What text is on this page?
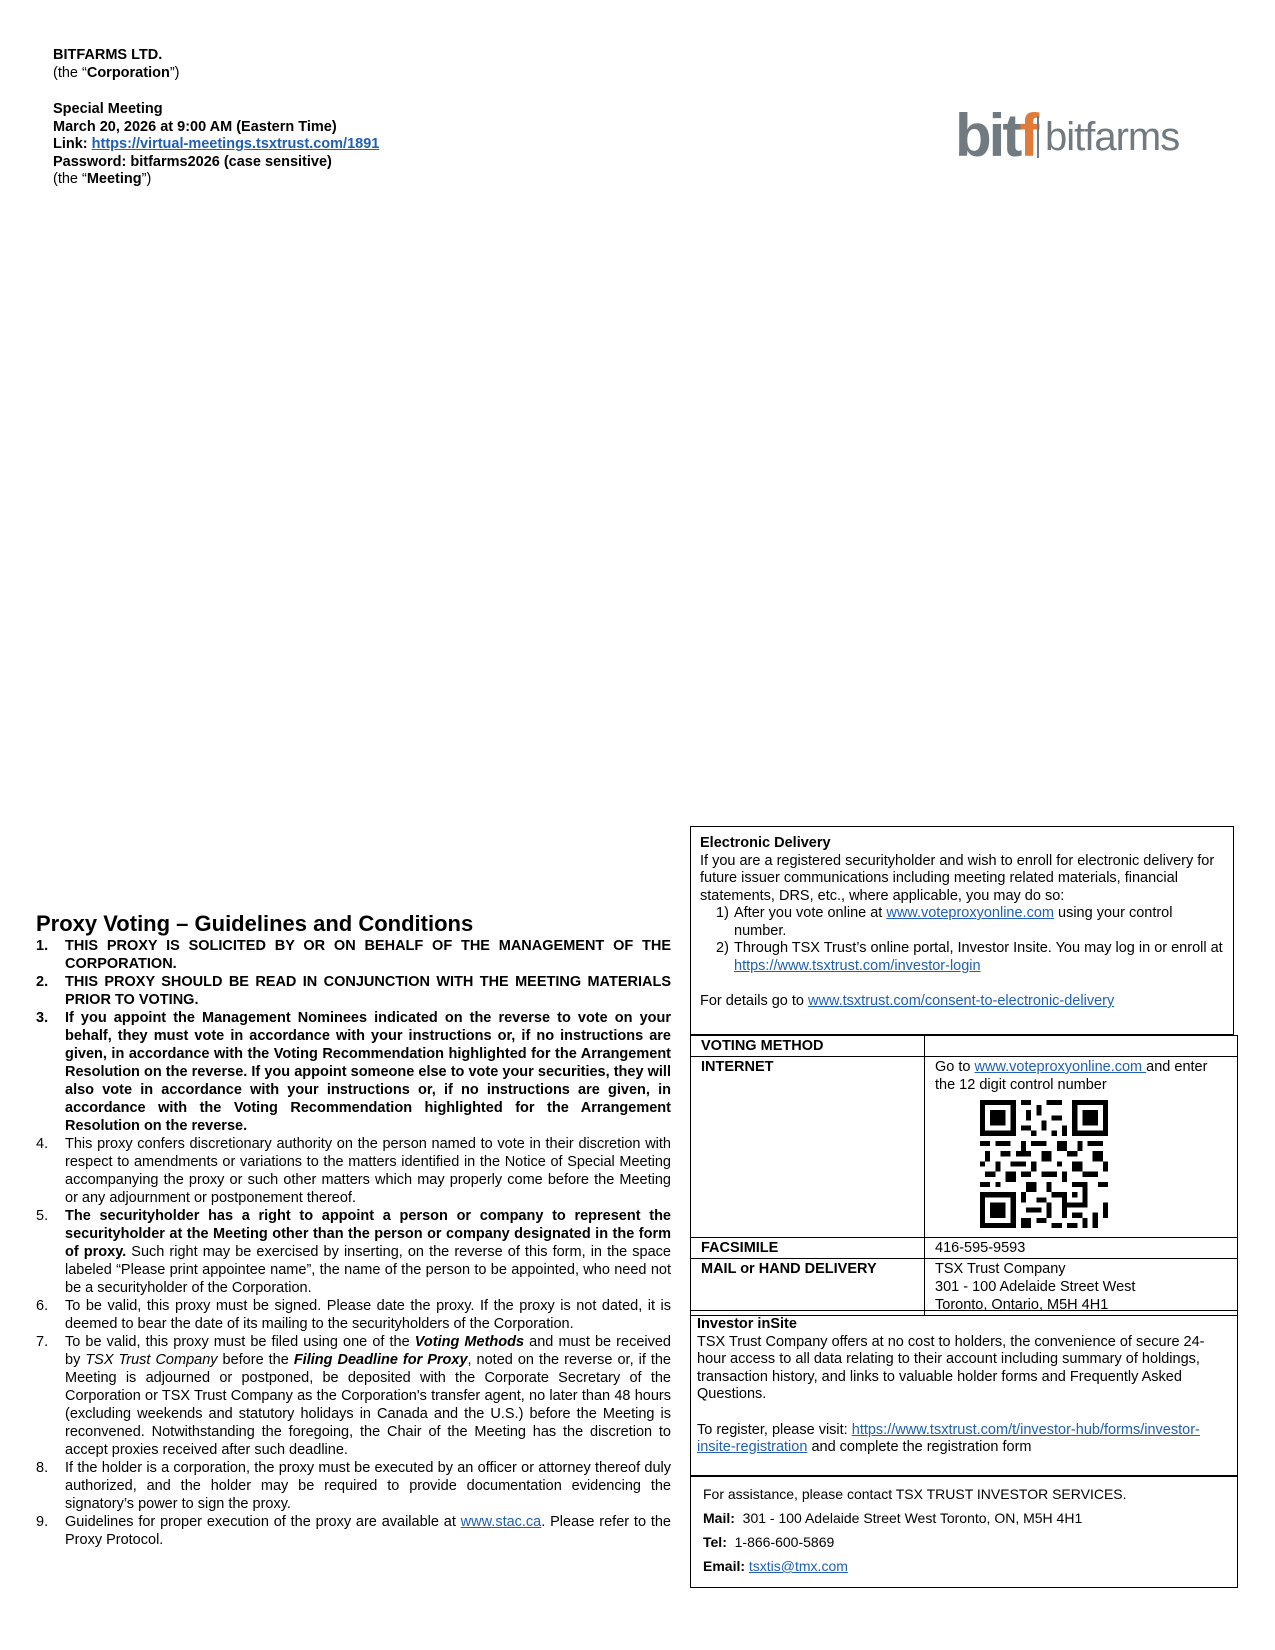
BITFARMS LTD.
(the “Corporation”)
Special Meeting
March 20, 2026 at 9:00 AM (Eastern Time)
Link: https://virtual-meetings.tsxtrust.com/1891
Password: bitfarms2026 (case sensitive)
(the “Meeting”)
bitf bitfarms
Proxy Voting – Guidelines and Conditions
1. THIS PROXY IS SOLICITED BY OR ON BEHALF OF THE MANAGEMENT OF THE CORPORATION.
2. THIS PROXY SHOULD BE READ IN CONJUNCTION WITH THE MEETING MATERIALS PRIOR TO VOTING.
3. If you appoint the Management Nominees indicated on the reverse to vote on your behalf, they must vote in accordance with your instructions or, if no instructions are given, in accordance with the Voting Recommendation highlighted for the Arrangement Resolution on the reverse. If you appoint someone else to vote your securities, they will also vote in accordance with your instructions or, if no instructions are given, in accordance with the Voting Recommendation highlighted for the Arrangement Resolution on the reverse.
4. This proxy confers discretionary authority on the person named to vote in their discretion with respect to amendments or variations to the matters identified in the Notice of Special Meeting accompanying the proxy or such other matters which may properly come before the Meeting or any adjournment or postponement thereof.
5. The securityholder has a right to appoint a person or company to represent the securityholder at the Meeting other than the person or company designated in the form of proxy. Such right may be exercised by inserting, on the reverse of this form, in the space labeled “Please print appointee name”, the name of the person to be appointed, who need not be a securityholder of the Corporation.
6. To be valid, this proxy must be signed. Please date the proxy. If the proxy is not dated, it is deemed to bear the date of its mailing to the securityholders of the Corporation.
7. To be valid, this proxy must be filed using one of the Voting Methods and must be received by TSX Trust Company before the Filing Deadline for Proxy, noted on the reverse or, if the Meeting is adjourned or postponed, be deposited with the Corporate Secretary of the Corporation or TSX Trust Company as the Corporation's transfer agent, no later than 48 hours (excluding weekends and statutory holidays in Canada and the U.S.) before the Meeting is reconvened. Notwithstanding the foregoing, the Chair of the Meeting has the discretion to accept proxies received after such deadline.
8. If the holder is a corporation, the proxy must be executed by an officer or attorney thereof duly authorized, and the holder may be required to provide documentation evidencing the signatory’s power to sign the proxy.
9. Guidelines for proper execution of the proxy are available at www.stac.ca. Please refer to the Proxy Protocol.
Electronic Delivery
If you are a registered securityholder and wish to enroll for electronic delivery for future issuer communications including meeting related materials, financial statements, DRS, etc., where applicable, you may do so:
1) After you vote online at www.voteproxyonline.com using your control number.
2) Through TSX Trust’s online portal, Investor Insite. You may log in or enroll at https://www.tsxtrust.com/investor-login
For details go to www.tsxtrust.com/consent-to-electronic-delivery
VOTING METHOD	
INTERNET	Go to www.voteproxyonline.com and enter the 12 digit control number

FACSIMILE	416-595-9593
MAIL or HAND DELIVERY	TSX Trust Company
301 - 100 Adelaide Street West
Toronto, Ontario, M5H 4H1
Investor inSite
TSX Trust Company offers at no cost to holders, the convenience of secure 24-hour access to all data relating to their account including summary of holdings, transaction history, and links to valuable holder forms and Frequently Asked Questions.
To register, please visit: https://www.tsxtrust.com/t/investor-hub/forms/investor-insite-registration and complete the registration form
For assistance, please contact TSX TRUST INVESTOR SERVICES.
Mail: 301 - 100 Adelaide Street West Toronto, ON, M5H 4H1
Tel: 1-866-600-5869
Email: tsxtis@tmx.com
